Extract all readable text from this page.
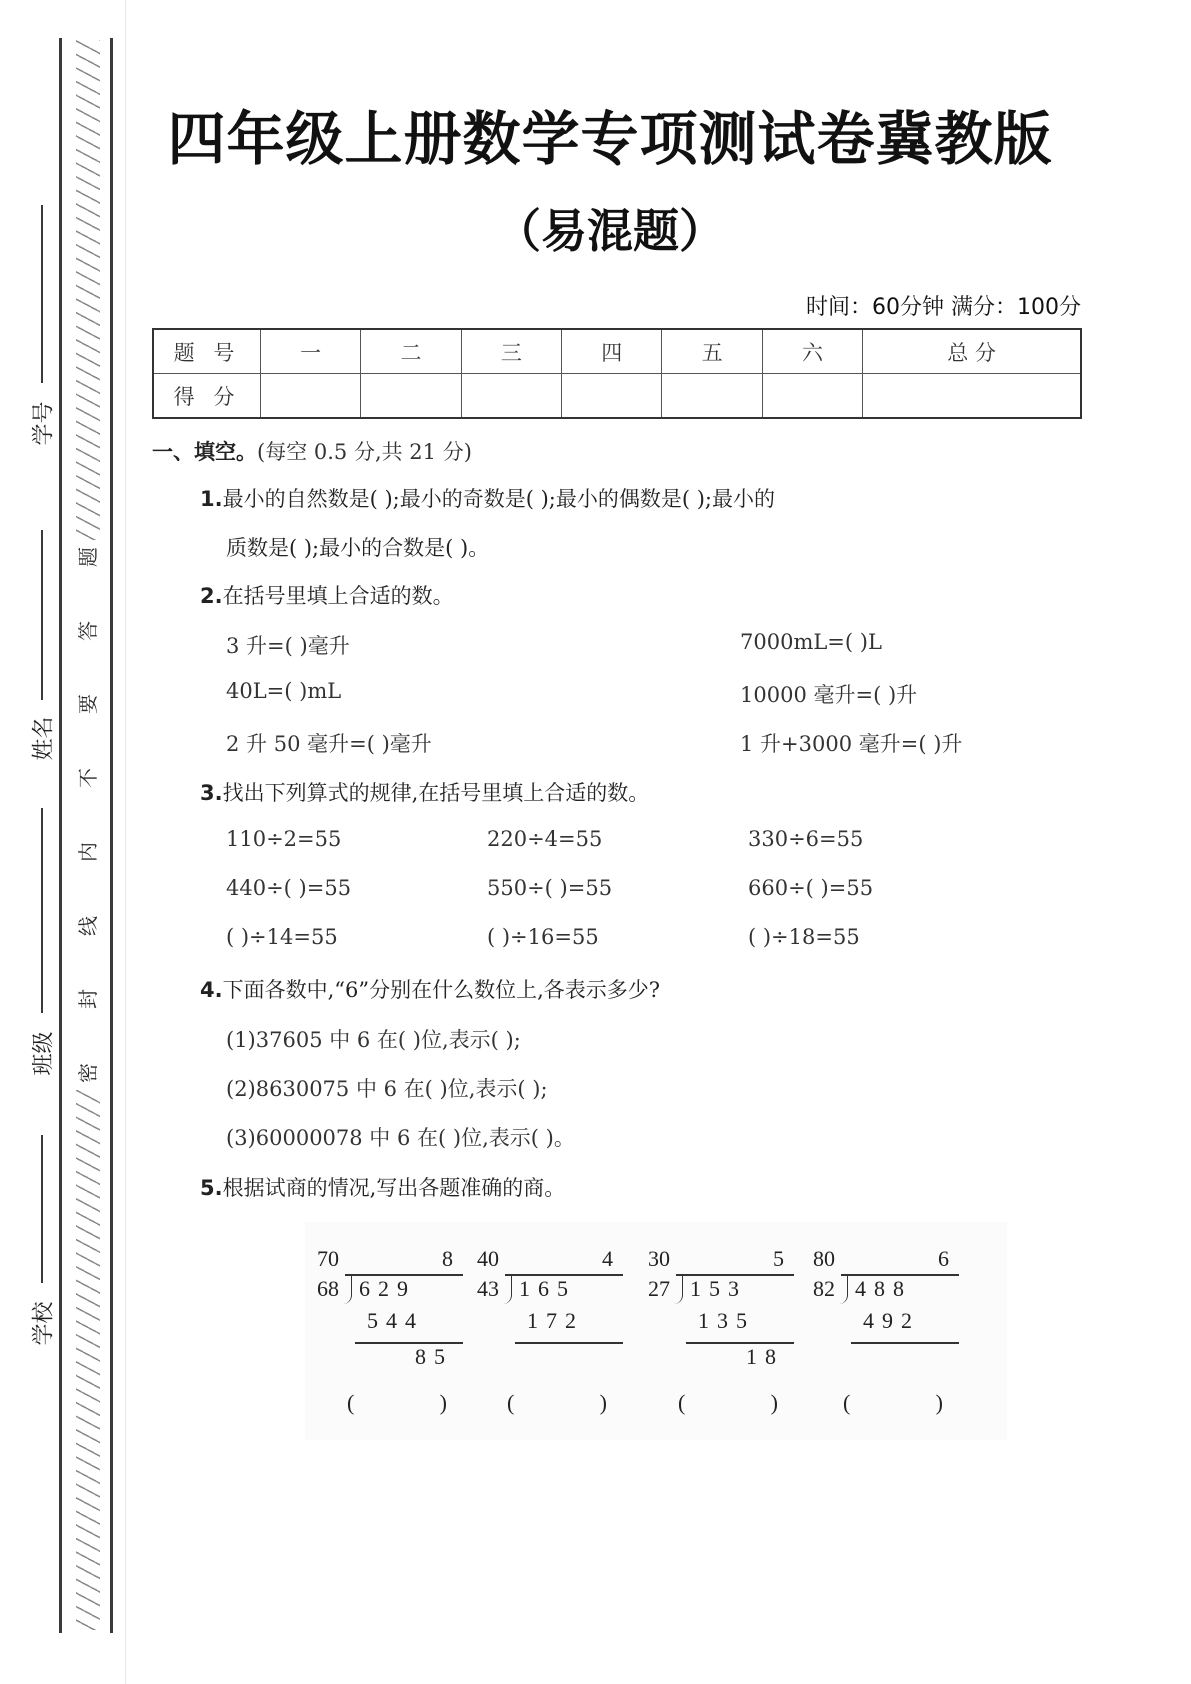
题
答
要
不
内
线
封
密
学号
姓名
班级
学校
四年级上册数学专项测试卷冀教版
（易混题）
时间：60分钟 满分：100分
题 号	一	二	三	四	五	六	总 分
得 分							
一、填空。(每空 0.5 分,共 21 分)
1.最小的自然数是( );最小的奇数是( );最小的偶数是( );最小的
质数是( );最小的合数是( )。
2.在括号里填上合适的数。
3 升=( )毫升	7000mL=( )L
40L=( )mL	10000 毫升=( )升
2 升 50 毫升=( )毫升	1 升+3000 毫升=( )升
3.找出下列算式的规律,在括号里填上合适的数。
110÷2=55	220÷4=55	330÷6=55
440÷( )=55	550÷( )=55	660÷( )=55
( )÷14=55	( )÷16=55	( )÷18=55
4.下面各数中,“6”分别在什么数位上,各表示多少?
(1)37605 中 6 在( )位,表示( );
(2)8630075 中 6 在( )位,表示( );
(3)60000078 中 6 在( )位,表示( )。
5.根据试商的情况,写出各题准确的商。
70	8
68 629
544
85
(	)
40	4
43 165
172
(	)
30	5
27 153
135
18
(	)
80	6
82 488
492
(	)
